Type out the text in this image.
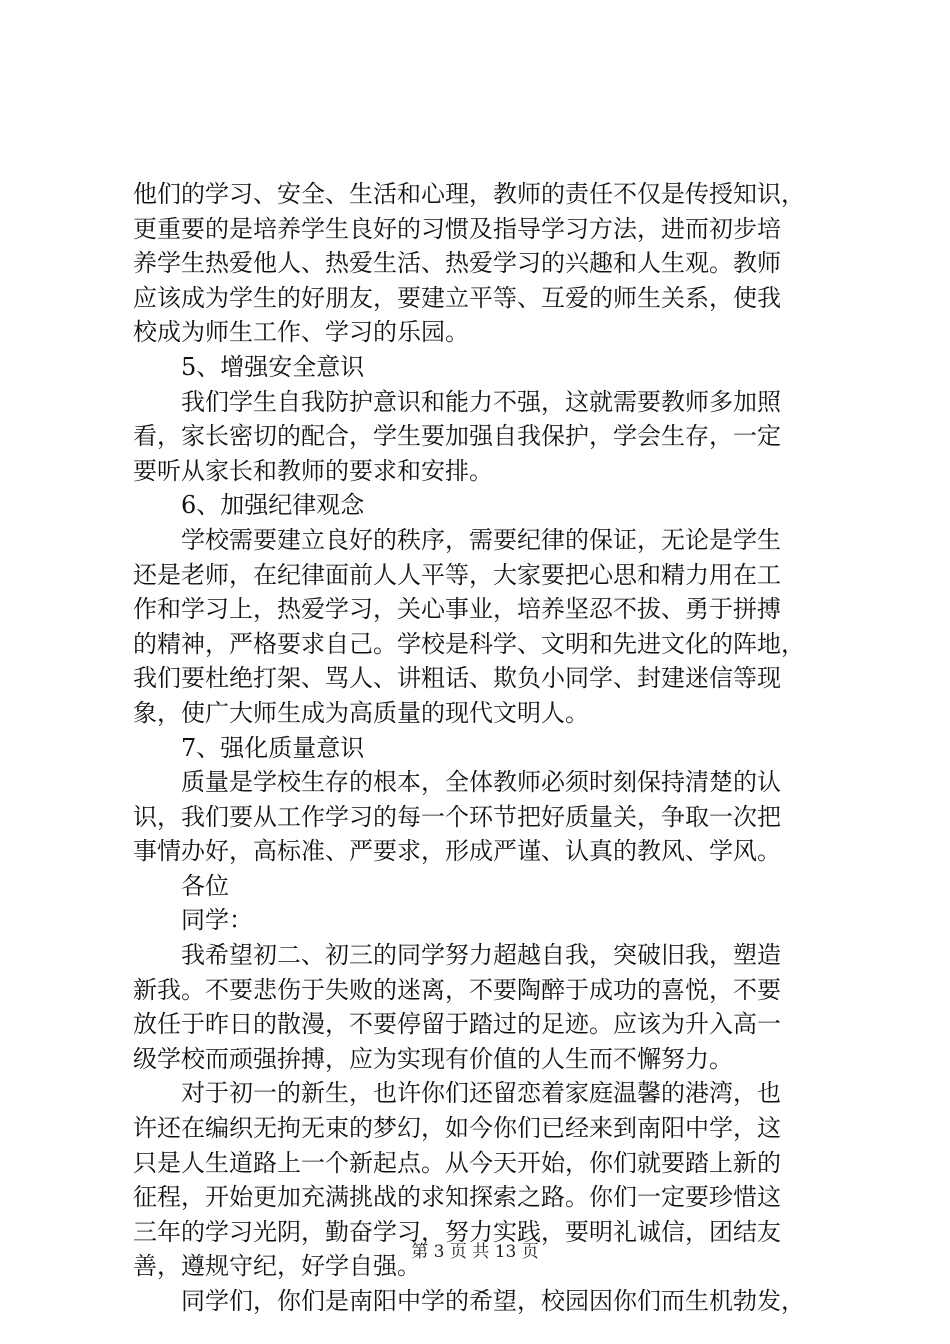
他们的学习、安全、生活和心理，教师的责任不仅是传授知识，
更重要的是培养学生良好的习惯及指导学习方法，进而初步培
养学生热爱他人、热爱生活、热爱学习的兴趣和人生观。教师
应该成为学生的好朋友，要建立平等、互爱的师生关系，使我
校成为师生工作、学习的乐园。
5、增强安全意识
我们学生自我防护意识和能力不强，这就需要教师多加照
看，家长密切的配合，学生要加强自我保护，学会生存，一定
要听从家长和教师的要求和安排。
6、加强纪律观念
学校需要建立良好的秩序，需要纪律的保证，无论是学生
还是老师，在纪律面前人人平等，大家要把心思和精力用在工
作和学习上，热爱学习，关心事业，培养坚忍不拔、勇于拼搏
的精神，严格要求自己。学校是科学、文明和先进文化的阵地，
我们要杜绝打架、骂人、讲粗话、欺负小同学、封建迷信等现
象，使广大师生成为高质量的现代文明人。
7、强化质量意识
质量是学校生存的根本，全体教师必须时刻保持清楚的认
识，我们要从工作学习的每一个环节把好质量关，争取一次把
事情办好，高标准、严要求，形成严谨、认真的教风、学风。
各位
同学：
我希望初二、初三的同学努力超越自我，突破旧我，塑造
新我。不要悲伤于失败的迷离，不要陶醉于成功的喜悦，不要
放任于昨日的散漫，不要停留于踏过的足迹。应该为升入高一
级学校而顽强拚搏，应为实现有价值的人生而不懈努力。
对于初一的新生，也许你们还留恋着家庭温馨的港湾，也
许还在编织无拘无束的梦幻，如今你们已经来到南阳中学，这
只是人生道路上一个新起点。从今天开始，你们就要踏上新的
征程，开始更加充满挑战的求知探索之路。你们一定要珍惜这
三年的学习光阴，勤奋学习，努力实践，要明礼诚信，团结友
善，遵规守纪，好学自强。
同学们，你们是南阳中学的希望，校园因你们而生机勃发，
第 3 页 共 13 页
